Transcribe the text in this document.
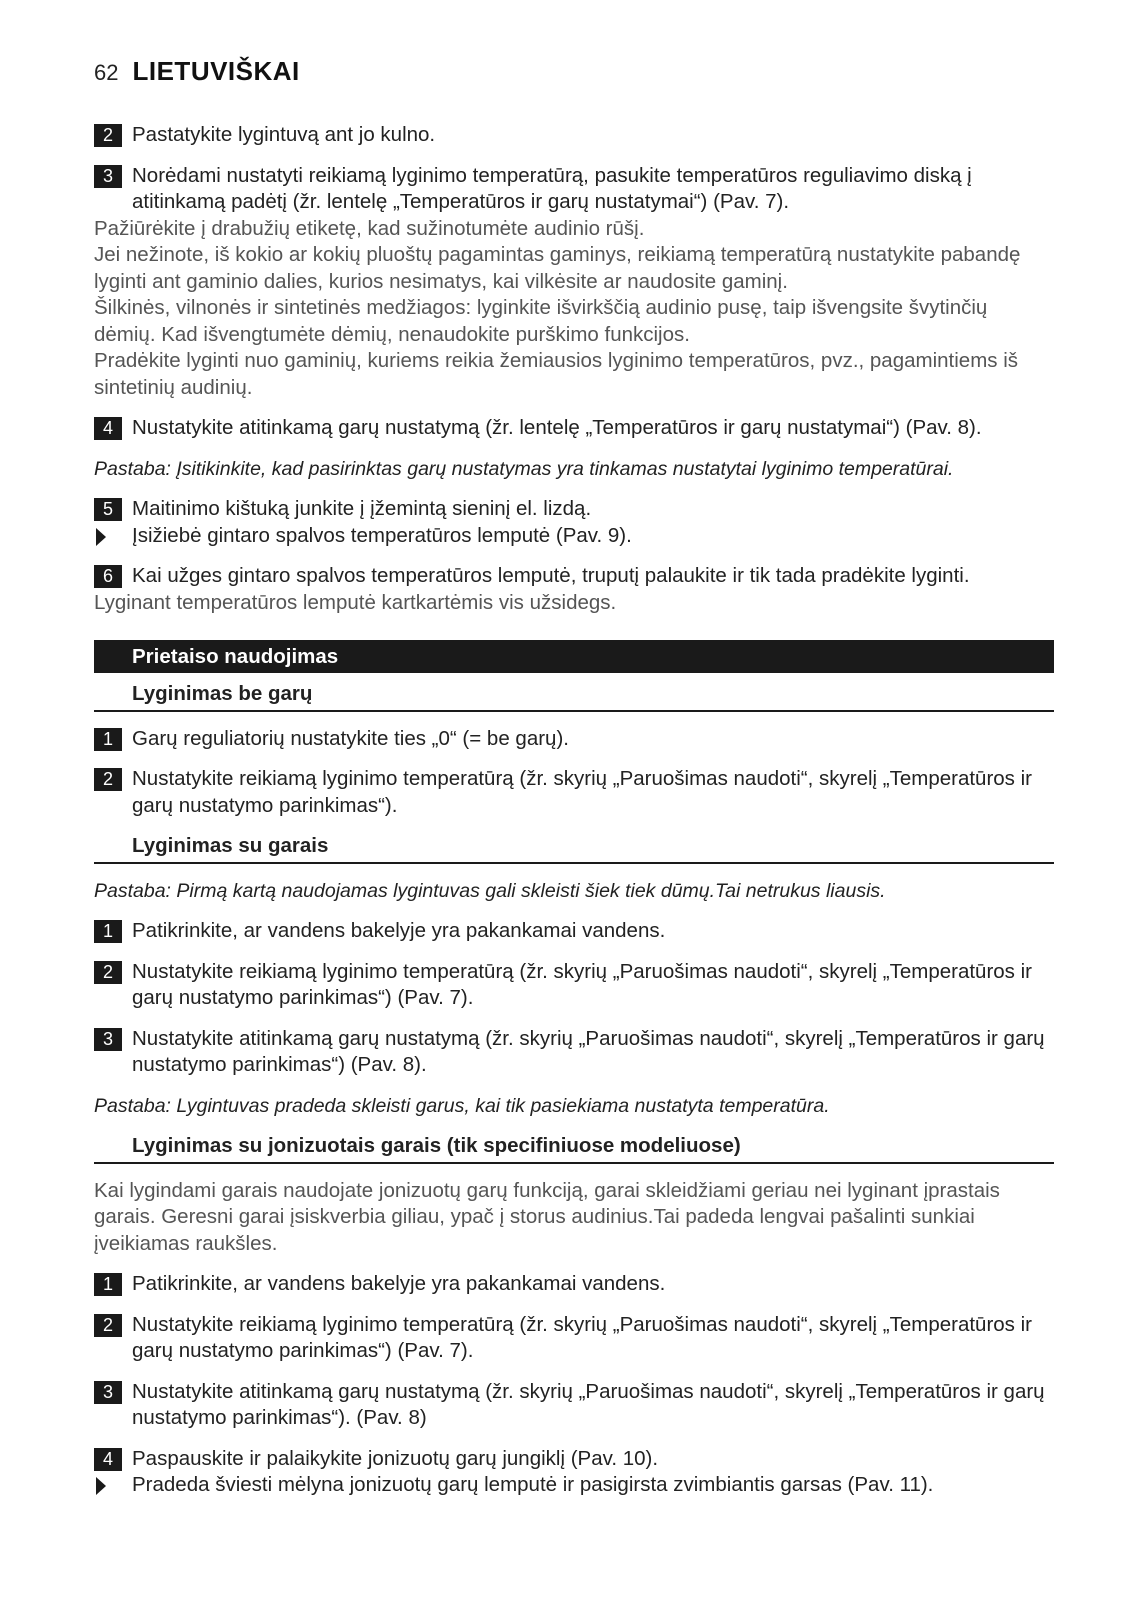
62 LIETUVIŠKAI
2 Pastatykite lygintuvą ant jo kulno.
3 Norėdami nustatyti reikiamą lyginimo temperatūrą, pasukite temperatūros reguliavimo diską į atitinkamą padėtį (žr. lentelę „Temperatūros ir garų nustatymai“) (Pav. 7).
Pažiūrėkite į drabužių etiketę, kad sužinotumėte audinio rūšį.
Jei nežinote, iš kokio ar kokių pluoštų pagamintas gaminys, reikiamą temperatūrą nustatykite pabandę lyginti ant gaminio dalies, kurios nesimatys, kai vilkėsite ar naudosite gaminį.
Šilkinės, vilnonės ir sintetinės medžiagos: lyginkite išvirkščią audinio pusę, taip išvengsite švytinčių dėmių. Kad išvengtumėte dėmių, nenaudokite purškimo funkcijos.
Pradėkite lyginti nuo gaminių, kuriems reikia žemiausios lyginimo temperatūros, pvz., pagamintiems iš sintetinių audinių.
4 Nustatykite atitinkamą garų nustatymą (žr. lentelę „Temperatūros ir garų nustatymai“) (Pav. 8).
Pastaba: Įsitikinkite, kad pasirinktas garų nustatymas yra tinkamas nustatytai lyginimo temperatūrai.
5 Maitinimo kištuką junkite į įžemintą sieninį el. lizdą.
Įsižiebė gintaro spalvos temperatūros lemputė (Pav. 9).
6 Kai užges gintaro spalvos temperatūros lemputė, truputį palaukite ir tik tada pradėkite lyginti.
Lyginant temperatūros lemputė kartkartėmis vis užsidegs.
Prietaiso naudojimas
Lyginimas be garų
1 Garų reguliatorių nustatykite ties „0“ (= be garų).
2 Nustatykite reikiamą lyginimo temperatūrą (žr. skyrių „Paruošimas naudoti“, skyrelį „Temperatūros ir garų nustatymo parinkimas“).
Lyginimas su garais
Pastaba: Pirmą kartą naudojamas lygintuvas gali skleisti šiek tiek dūmų.Tai netrukus liausis.
1 Patikrinkite, ar vandens bakelyje yra pakankamai vandens.
2 Nustatykite reikiamą lyginimo temperatūrą (žr. skyrių „Paruošimas naudoti“, skyrelį „Temperatūros ir garų nustatymo parinkimas“) (Pav. 7).
3 Nustatykite atitinkamą garų nustatymą (žr. skyrių „Paruošimas naudoti“, skyrelį „Temperatūros ir garų nustatymo parinkimas“) (Pav. 8).
Pastaba: Lygintuvas pradeda skleisti garus, kai tik pasiekiama nustatyta temperatūra.
Lyginimas su jonizuotais garais (tik specifiniuose modeliuose)
Kai lygindami garais naudojate jonizuotų garų funkciją, garai skleidžiami geriau nei lyginant įprastais garais. Geresni garai įsiskverbia giliau, ypač į storus audinius.Tai padeda lengvai pašalinti sunkiai įveikiamas raukšles.
1 Patikrinkite, ar vandens bakelyje yra pakankamai vandens.
2 Nustatykite reikiamą lyginimo temperatūrą (žr. skyrių „Paruošimas naudoti“, skyrelį „Temperatūros ir garų nustatymo parinkimas“) (Pav. 7).
3 Nustatykite atitinkamą garų nustatymą (žr. skyrių „Paruošimas naudoti“, skyrelį „Temperatūros ir garų nustatymo parinkimas“). (Pav. 8)
4 Paspauskite ir palaikykite jonizuotų garų jungiklį (Pav. 10).
Pradeda šviesti mėlyna jonizuotų garų lemputė ir pasigirsta zvimbiantis garsas (Pav. 11).
